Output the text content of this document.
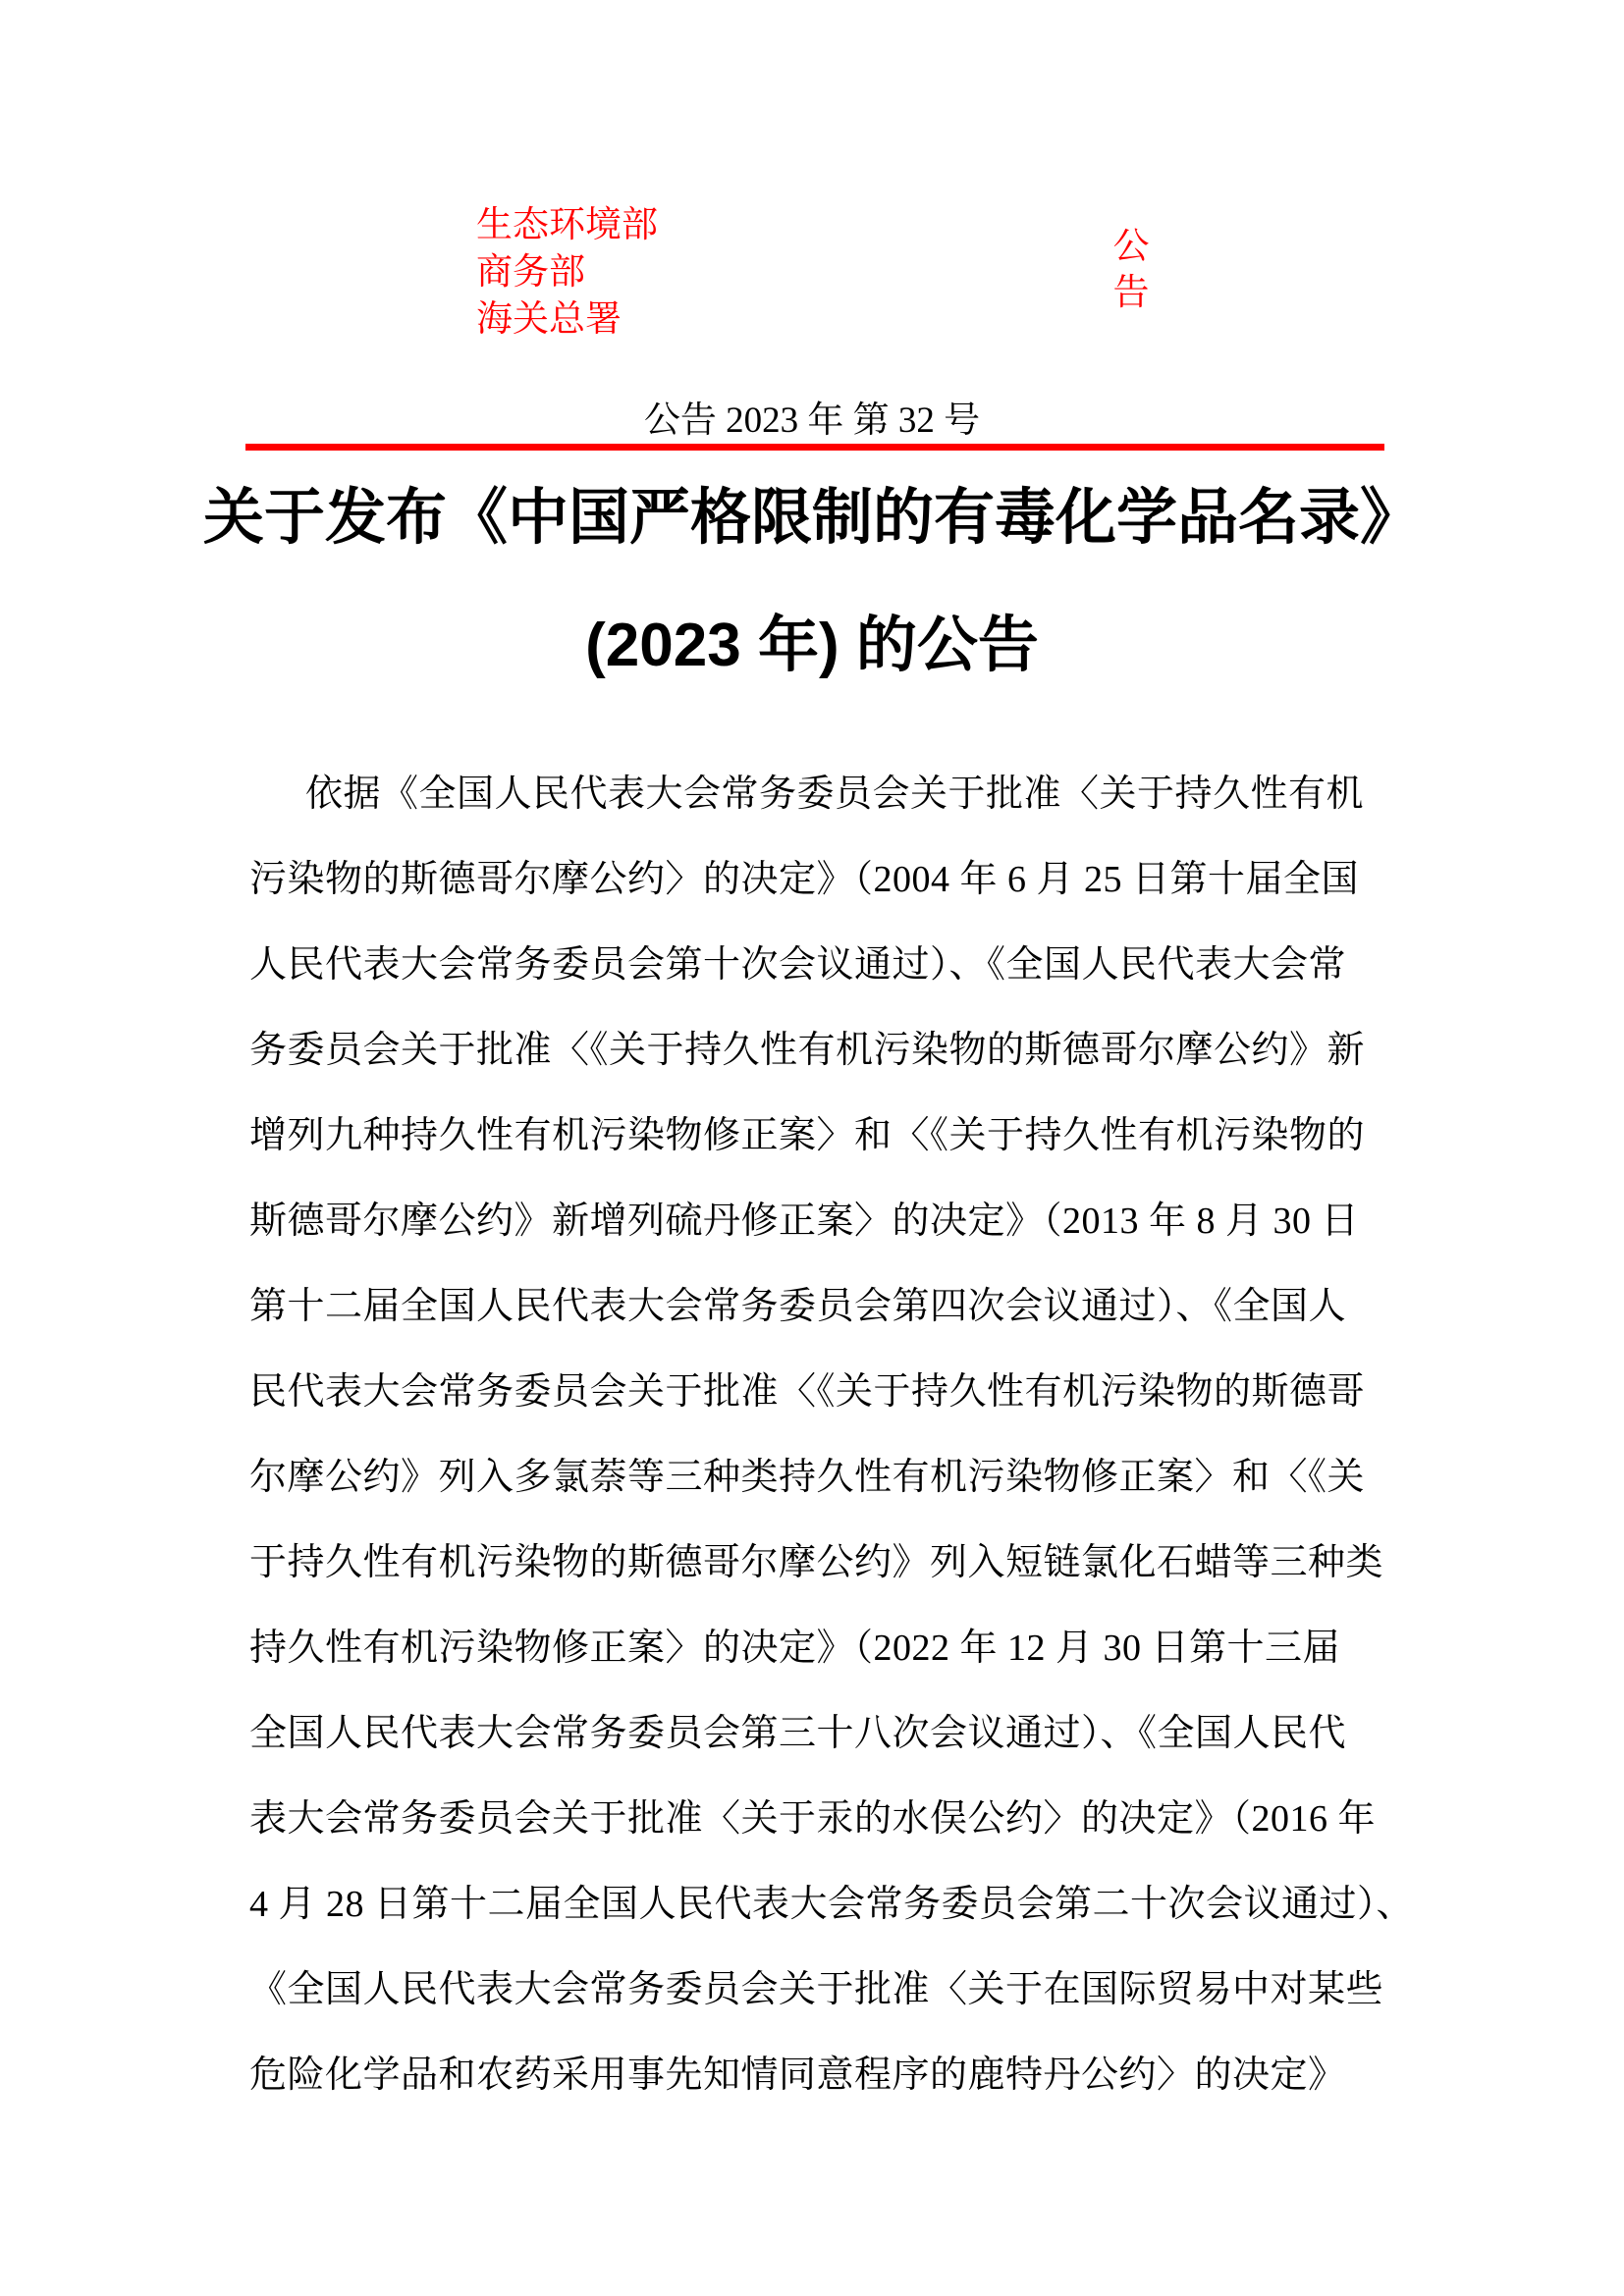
生态环境部
商务部
海关总署
公
告
公告 2023 年 第 32 号
关于发布《中国严格限制的有毒化学品名录》
(2023 年) 的公告
依据《全国人民代表大会常务委员会关于批准〈关于持久性有机
污染物的斯德哥尔摩公约〉的决定》（2004 年 6 月 25 日第十届全国
人民代表大会常务委员会第十次会议通过）、《全国人民代表大会常
务委员会关于批准〈《关于持久性有机污染物的斯德哥尔摩公约》新
增列九种持久性有机污染物修正案〉和〈《关于持久性有机污染物的
斯德哥尔摩公约》新增列硫丹修正案〉的决定》（2013 年 8 月 30 日
第十二届全国人民代表大会常务委员会第四次会议通过）、《全国人
民代表大会常务委员会关于批准〈《关于持久性有机污染物的斯德哥
尔摩公约》列入多氯萘等三种类持久性有机污染物修正案〉和〈《关
于持久性有机污染物的斯德哥尔摩公约》列入短链氯化石蜡等三种类
持久性有机污染物修正案〉的决定》（2022 年 12 月 30 日第十三届
全国人民代表大会常务委员会第三十八次会议通过）、《全国人民代
表大会常务委员会关于批准〈关于汞的水俣公约〉的决定》（2016 年
4 月 28 日第十二届全国人民代表大会常务委员会第二十次会议通过）、
《全国人民代表大会常务委员会关于批准〈关于在国际贸易中对某些
危险化学品和农药采用事先知情同意程序的鹿特丹公约〉的决定》
